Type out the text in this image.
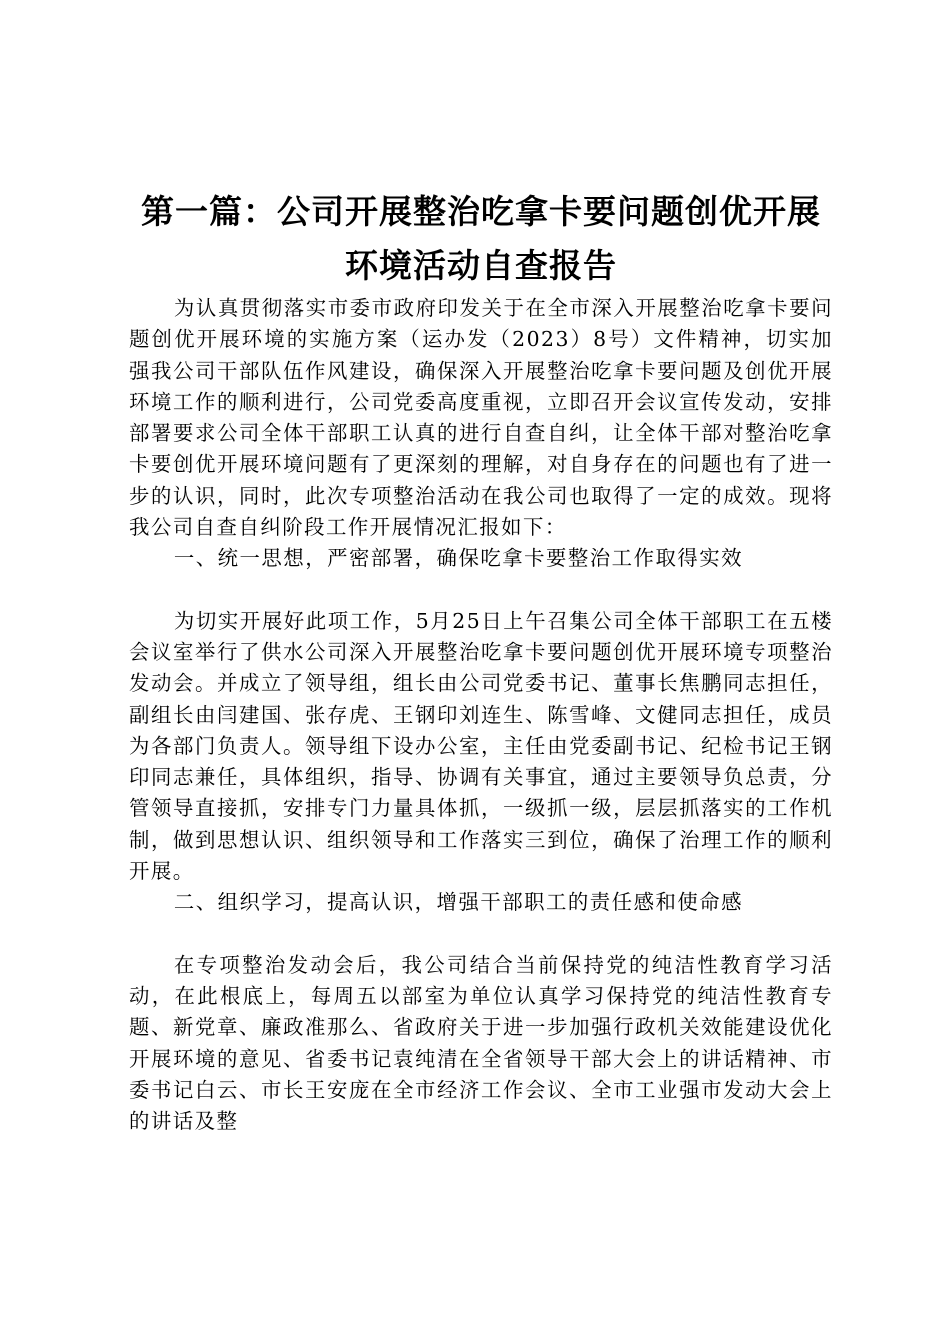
第一篇：公司开展整治吃拿卡要问题创优开展
环境活动自查报告

为认真贯彻落实市委市政府印发关于在全市深入开展整治吃拿卡要问题创优开展环境的实施方案（运办发（2023）8号）文件精神，切实加强我公司干部队伍作风建设，确保深入开展整治吃拿卡要问题及创优开展环境工作的顺利进行，公司党委高度重视，立即召开会议宣传发动，安排部署要求公司全体干部职工认真的进行自查自纠，让全体干部对整治吃拿卡要创优开展环境问题有了更深刻的理解，对自身存在的问题也有了进一步的认识，同时，此次专项整治活动在我公司也取得了一定的成效。现将我公司自查自纠阶段工作开展情况汇报如下：

一、统一思想，严密部署，确保吃拿卡要整治工作取得实效

为切实开展好此项工作，5月25日上午召集公司全体干部职工在五楼会议室举行了供水公司深入开展整治吃拿卡要问题创优开展环境专项整治发动会。并成立了领导组，组长由公司党委书记、董事长焦鹏同志担任，副组长由闫建国、张存虎、王钢印刘连生、陈雪峰、文健同志担任，成员为各部门负责人。领导组下设办公室，主任由党委副书记、纪检书记王钢印同志兼任，具体组织，指导、协调有关事宜，通过主要领导负总责，分管领导直接抓，安排专门力量具体抓，一级抓一级，层层抓落实的工作机制，做到思想认识、组织领导和工作落实三到位，确保了治理工作的顺利开展。

二、组织学习，提高认识，增强干部职工的责任感和使命感

在专项整治发动会后，我公司结合当前保持党的纯洁性教育学习活动，在此根底上，每周五以部室为单位认真学习保持党的纯洁性教育专题、新党章、廉政准那么、省政府关于进一步加强行政机关效能建设优化开展环境的意见、省委书记袁纯清在全省领导干部大会上的讲话精神、市委书记白云、市长王安庞在全市经济工作会议、全市工业强市发动大会上的讲话及整
